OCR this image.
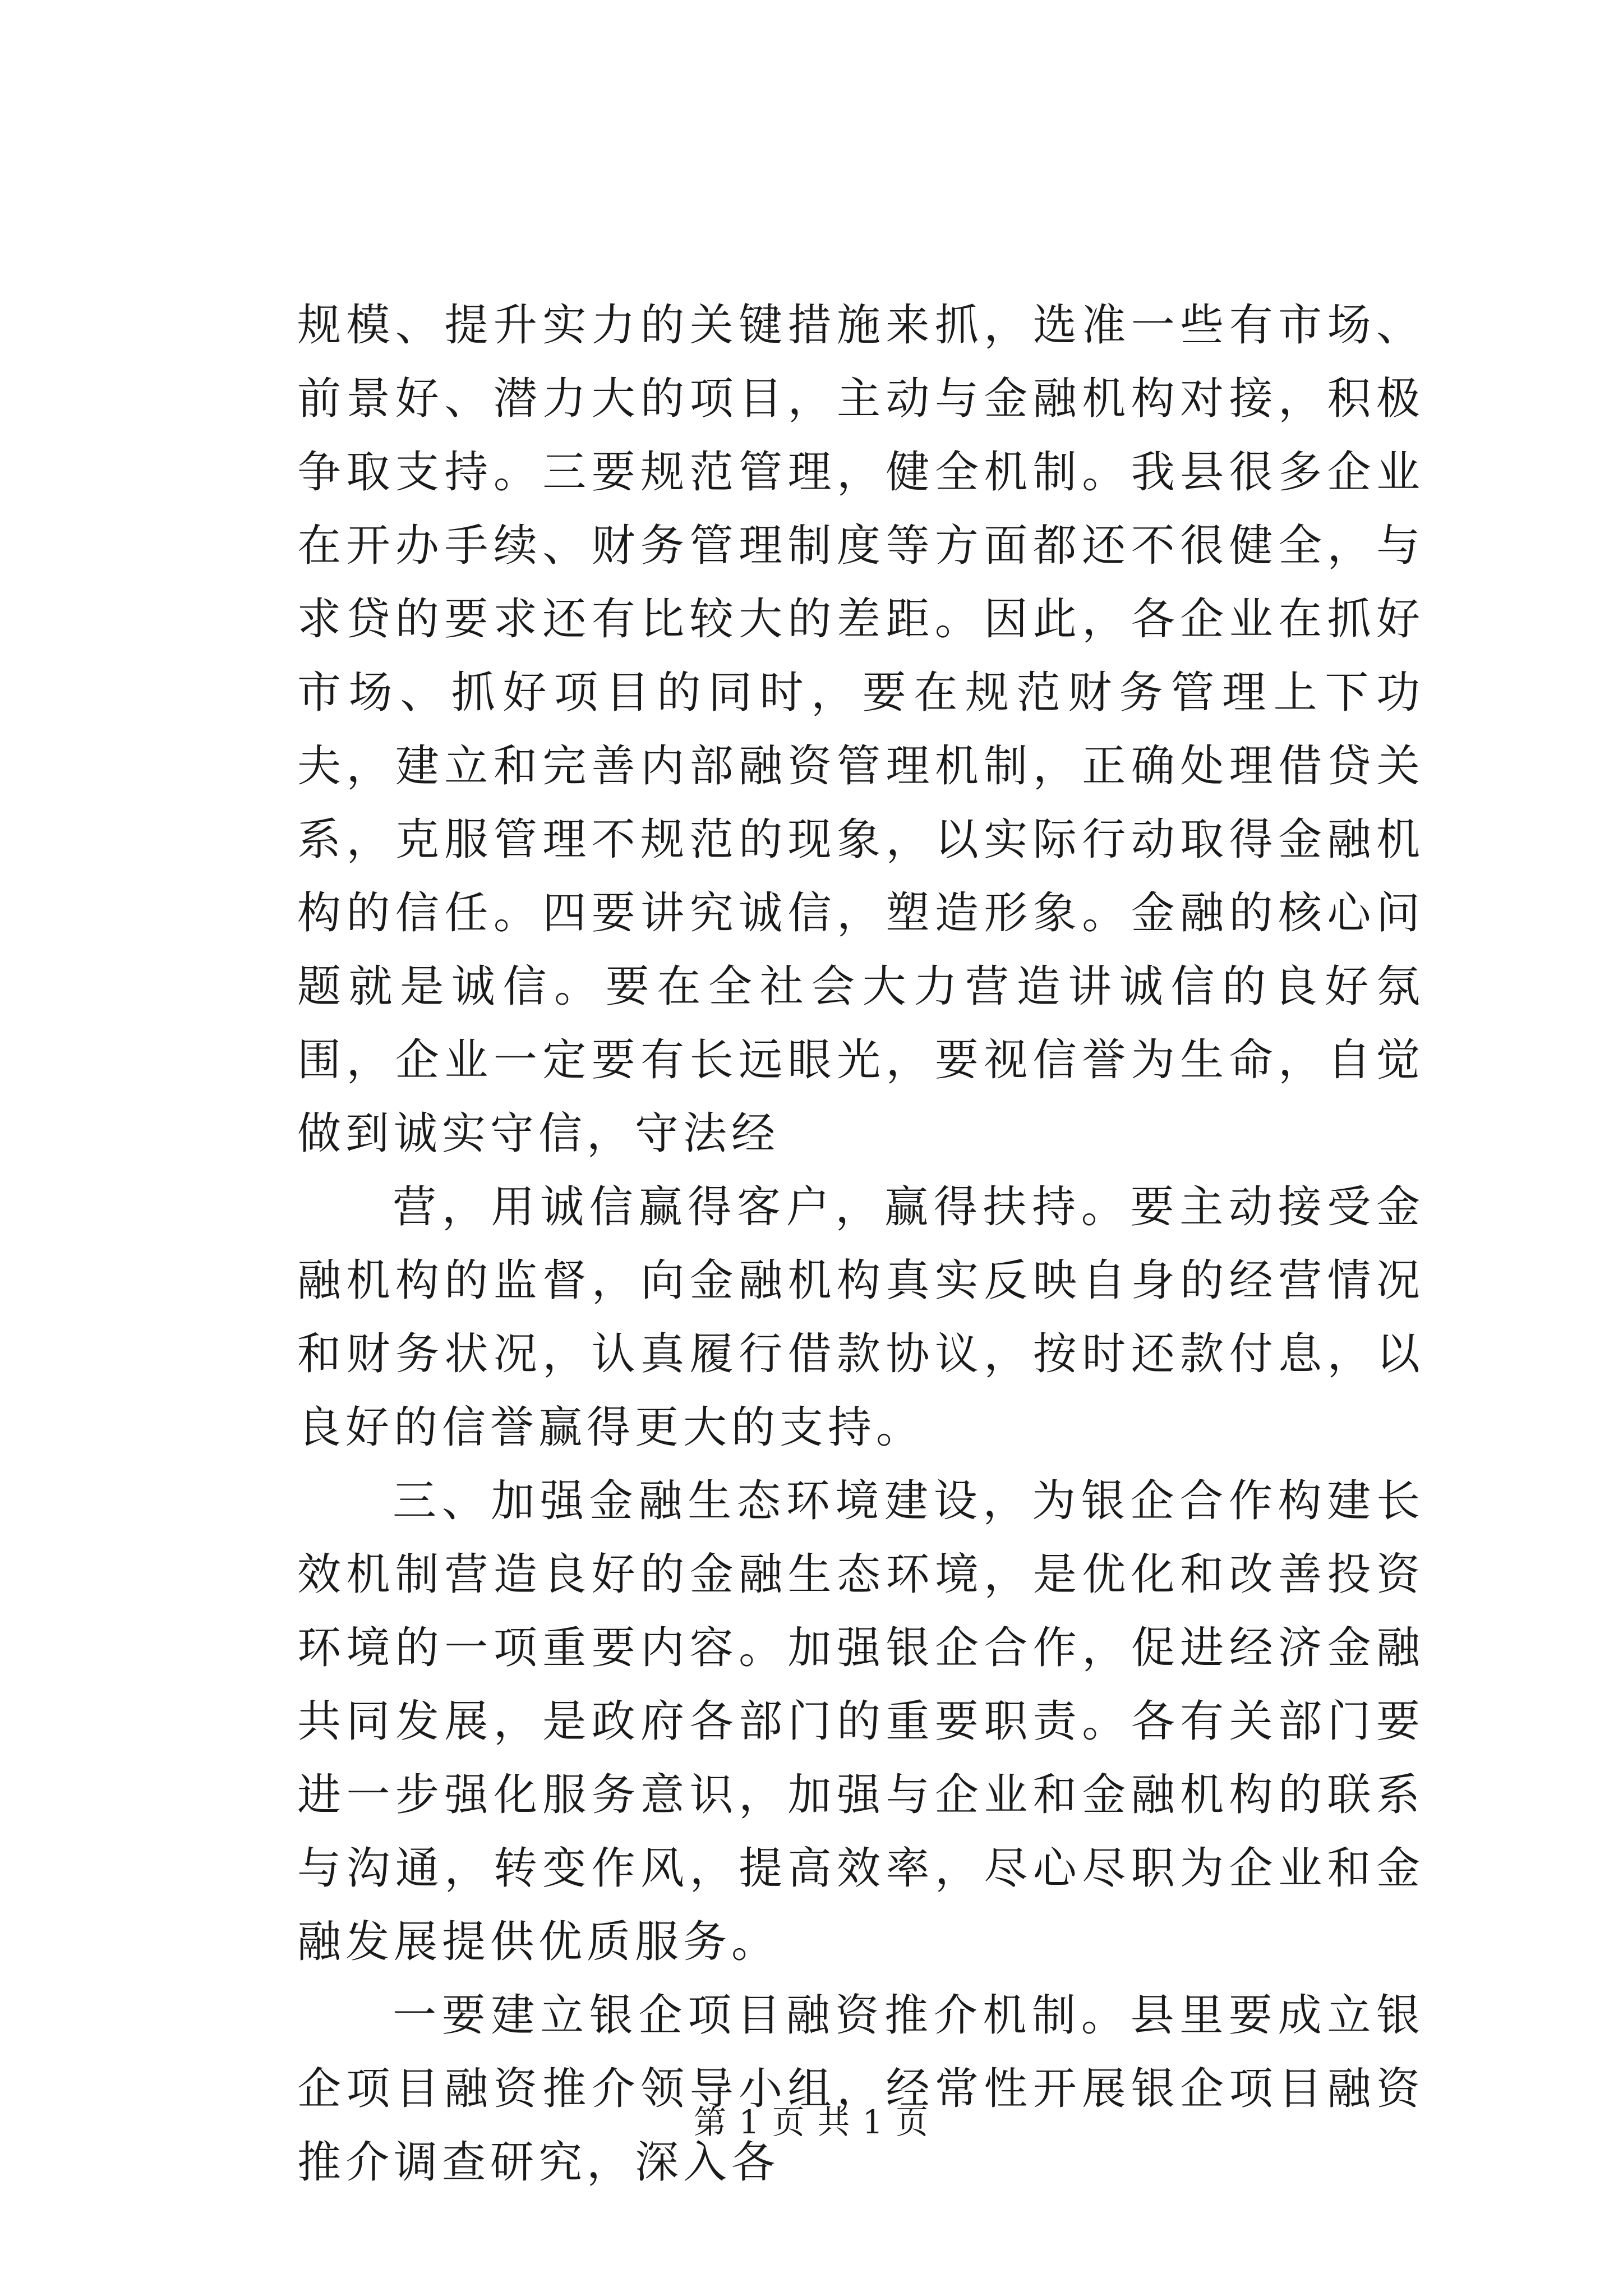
规模、提升实力的关键措施来抓，选准一些有市场、前景好、潜力大的项目，主动与金融机构对接，积极争取支持。三要规范管理，健全机制。我县很多企业在开办手续、财务管理制度等方面都还不很健全，与求贷的要求还有比较大的差距。因此，各企业在抓好市场、抓好项目的同时，要在规范财务管理上下功夫，建立和完善内部融资管理机制，正确处理借贷关系，克服管理不规范的现象，以实际行动取得金融机构的信任。四要讲究诚信，塑造形象。金融的核心问题就是诚信。要在全社会大力营造讲诚信的良好氛围，企业一定要有长远眼光，要视信誉为生命，自觉做到诚实守信，守法经

营，用诚信赢得客户，赢得扶持。要主动接受金融机构的监督，向金融机构真实反映自身的经营情况和财务状况，认真履行借款协议，按时还款付息，以良好的信誉赢得更大的支持。

三、加强金融生态环境建设，为银企合作构建长效机制营造良好的金融生态环境，是优化和改善投资环境的一项重要内容。加强银企合作，促进经济金融共同发展，是政府各部门的重要职责。各有关部门要进一步强化服务意识，加强与企业和金融机构的联系与沟通，转变作风，提高效率，尽心尽职为企业和金融发展提供优质服务。

一要建立银企项目融资推介机制。县里要成立银企项目融资推介领导小组，经常性开展银企项目融资推介调查研究，深入各

第 1 页 共 1 页
